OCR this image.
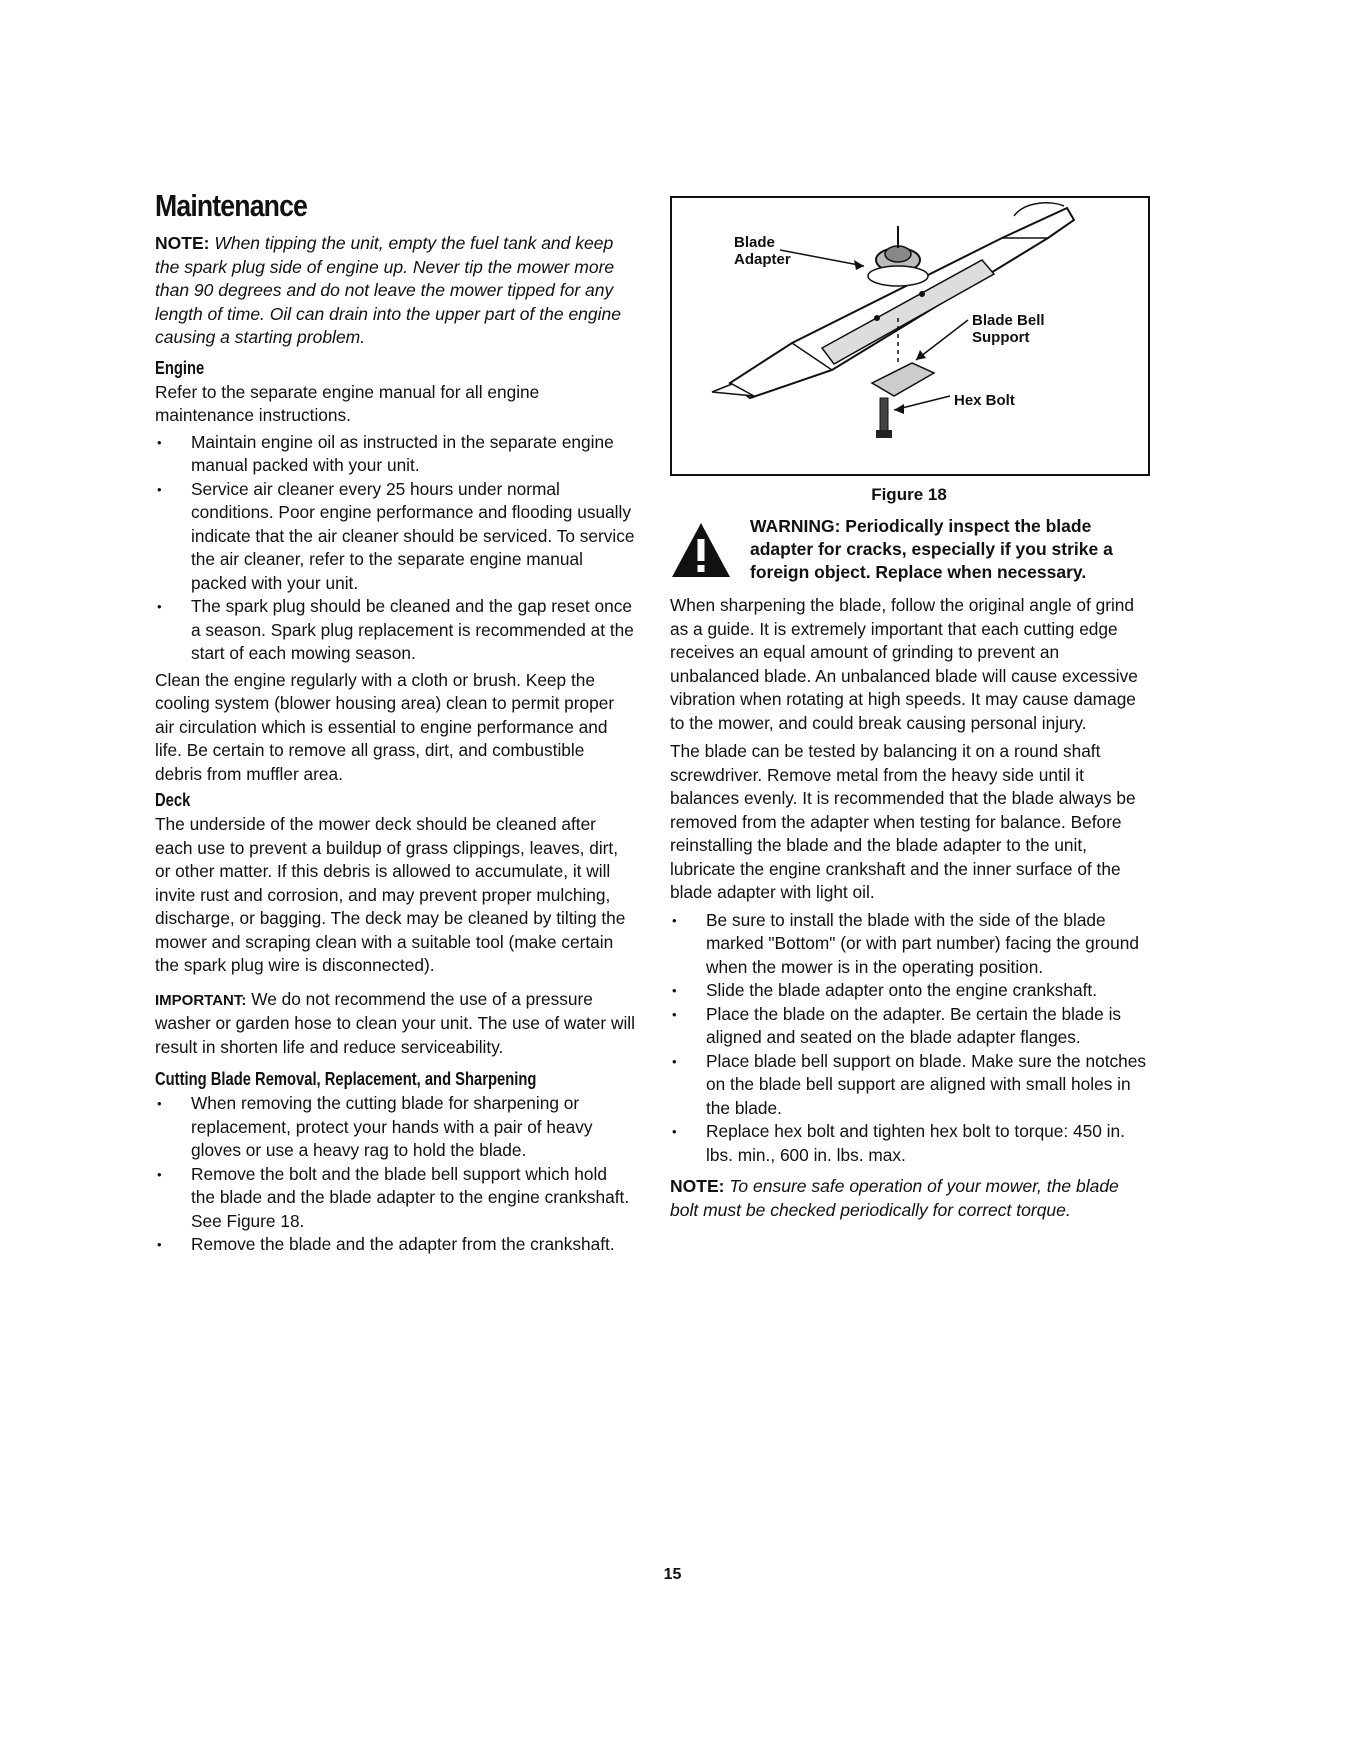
Maintenance

NOTE: When tipping the unit, empty the fuel tank and keep the spark plug side of engine up. Never tip the mower more than 90 degrees and do not leave the mower tipped for any length of time. Oil can drain into the upper part of the engine causing a starting problem.

Engine

Refer to the separate engine manual for all engine maintenance instructions.

• Maintain engine oil as instructed in the separate engine manual packed with your unit.
• Service air cleaner every 25 hours under normal conditions. Poor engine performance and flooding usually indicate that the air cleaner should be serviced. To service the air cleaner, refer to the separate engine manual packed with your unit.
• The spark plug should be cleaned and the gap reset once a season. Spark plug replacement is recommended at the start of each mowing season.

Clean the engine regularly with a cloth or brush. Keep the cooling system (blower housing area) clean to permit proper air circulation which is essential to engine performance and life. Be certain to remove all grass, dirt, and combustible debris from muffler area.

Deck

The underside of the mower deck should be cleaned after each use to prevent a buildup of grass clippings, leaves, dirt, or other matter. If this debris is allowed to accumulate, it will invite rust and corrosion, and may prevent proper mulching, discharge, or bagging. The deck may be cleaned by tilting the mower and scraping clean with a suitable tool (make certain the spark plug wire is disconnected).

IMPORTANT: We do not recommend the use of a pressure washer or garden hose to clean your unit. The use of water will result in shorten life and reduce serviceability.

Cutting Blade Removal, Replacement, and Sharpening
• When removing the cutting blade for sharpening or replacement, protect your hands with a pair of heavy gloves or use a heavy rag to hold the blade.
• Remove the bolt and the blade bell support which hold the blade and the blade adapter to the engine crankshaft. See Figure 18.
• Remove the blade and the adapter from the crankshaft.
Blade
Adapter
Blade Bell
Support
Hex Bolt
Figure 18
WARNING: Periodically inspect the blade adapter for cracks, especially if you strike a foreign object. Replace when necessary.

When sharpening the blade, follow the original angle of grind as a guide. It is extremely important that each cutting edge receives an equal amount of grinding to prevent an unbalanced blade. An unbalanced blade will cause excessive vibration when rotating at high speeds. It may cause damage to the mower, and could break causing personal injury.

The blade can be tested by balancing it on a round shaft screwdriver. Remove metal from the heavy side until it balances evenly. It is recommended that the blade always be removed from the adapter when testing for balance. Before reinstalling the blade and the blade adapter to the unit, lubricate the engine crankshaft and the inner surface of the blade adapter with light oil.

• Be sure to install the blade with the side of the blade marked "Bottom" (or with part number) facing the ground when the mower is in the operating position.
• Slide the blade adapter onto the engine crankshaft.
• Place the blade on the adapter. Be certain the blade is aligned and seated on the blade adapter flanges.
• Place blade bell support on blade. Make sure the notches on the blade bell support are aligned with small holes in the blade.
• Replace hex bolt and tighten hex bolt to torque: 450 in. lbs. min., 600 in. lbs. max.

NOTE: To ensure safe operation of your mower, the blade bolt must be checked periodically for correct torque.

15
